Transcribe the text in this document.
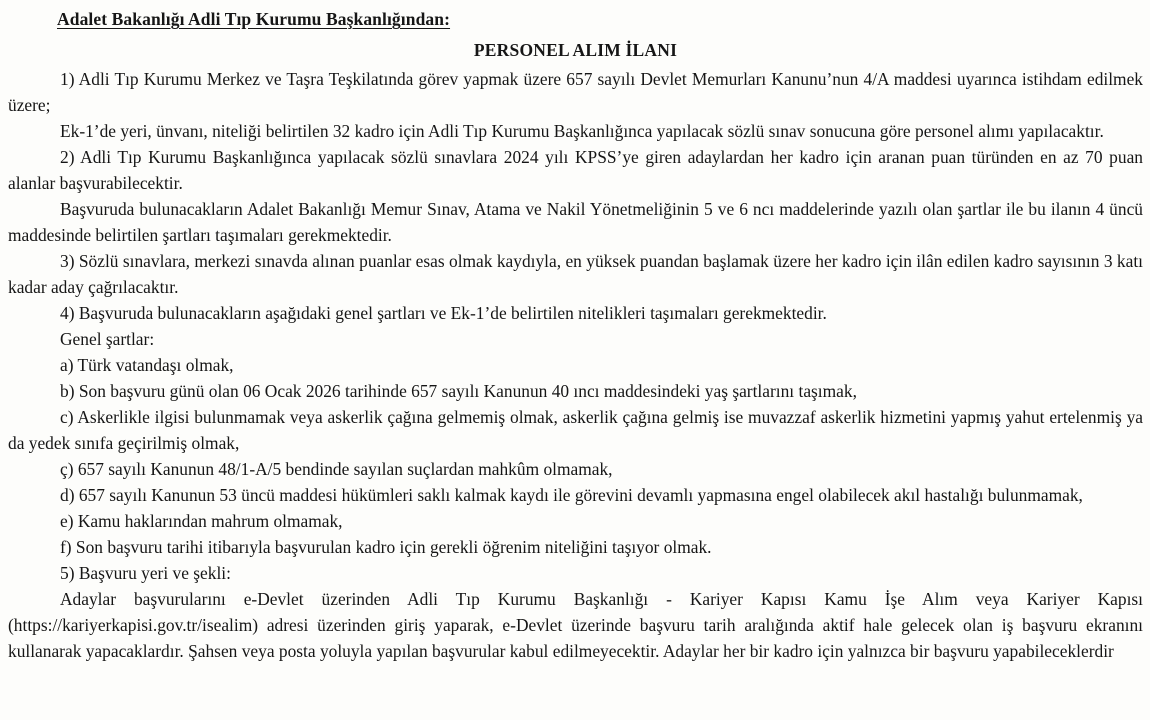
Adalet Bakanlığı Adli Tıp Kurumu Başkanlığından:
PERSONEL ALIM İLANI

1) Adli Tıp Kurumu Merkez ve Taşra Teşkilatında görev yapmak üzere 657 sayılı Devlet Memurları Kanunu’nun 4/A maddesi uyarınca istihdam edilmek üzere;

Ek-1’de yeri, ünvanı, niteliği belirtilen 32 kadro için Adli Tıp Kurumu Başkanlığınca yapılacak sözlü sınav sonucuna göre personel alımı yapılacaktır.

2) Adli Tıp Kurumu Başkanlığınca yapılacak sözlü sınavlara 2024 yılı KPSS’ye giren adaylardan her kadro için aranan puan türünden en az 70 puan alanlar başvurabilecektir.

Başvuruda bulunacakların Adalet Bakanlığı Memur Sınav, Atama ve Nakil Yönetmeliğinin 5 ve 6 ncı maddelerinde yazılı olan şartlar ile bu ilanın 4 üncü maddesinde belirtilen şartları taşımaları gerekmektedir.

3) Sözlü sınavlara, merkezi sınavda alınan puanlar esas olmak kaydıyla, en yüksek puandan başlamak üzere her kadro için ilân edilen kadro sayısının 3 katı kadar aday çağrılacaktır.

4) Başvuruda bulunacakların aşağıdaki genel şartları ve Ek-1’de belirtilen nitelikleri taşımaları gerekmektedir.

Genel şartlar:

a) Türk vatandaşı olmak,

b) Son başvuru günü olan 06 Ocak 2026 tarihinde 657 sayılı Kanunun 40 ıncı maddesindeki yaş şartlarını taşımak,

c) Askerlikle ilgisi bulunmamak veya askerlik çağına gelmemiş olmak, askerlik çağına gelmiş ise muvazzaf askerlik hizmetini yapmış yahut ertelenmiş ya da yedek sınıfa geçirilmiş olmak,

ç) 657 sayılı Kanunun 48/1-A/5 bendinde sayılan suçlardan mahkûm olmamak,

d) 657 sayılı Kanunun 53 üncü maddesi hükümleri saklı kalmak kaydı ile görevini devamlı yapmasına engel olabilecek akıl hastalığı bulunmamak,

e) Kamu haklarından mahrum olmamak,

f) Son başvuru tarihi itibarıyla başvurulan kadro için gerekli öğrenim niteliğini taşıyor olmak.

5) Başvuru yeri ve şekli:

Adaylar başvurularını e-Devlet üzerinden Adli Tıp Kurumu Başkanlığı - Kariyer Kapısı Kamu İşe Alım veya Kariyer Kapısı (https://kariyerkapisi.gov.tr/isealim) adresi üzerinden giriş yaparak, e-Devlet üzerinde başvuru tarih aralığında aktif hale gelecek olan iş başvuru ekranını kullanarak yapacaklardır. Şahsen veya posta yoluyla yapılan başvurular kabul edilmeyecektir. Adaylar her bir kadro için yalnızca bir başvuru yapabileceklerdir
